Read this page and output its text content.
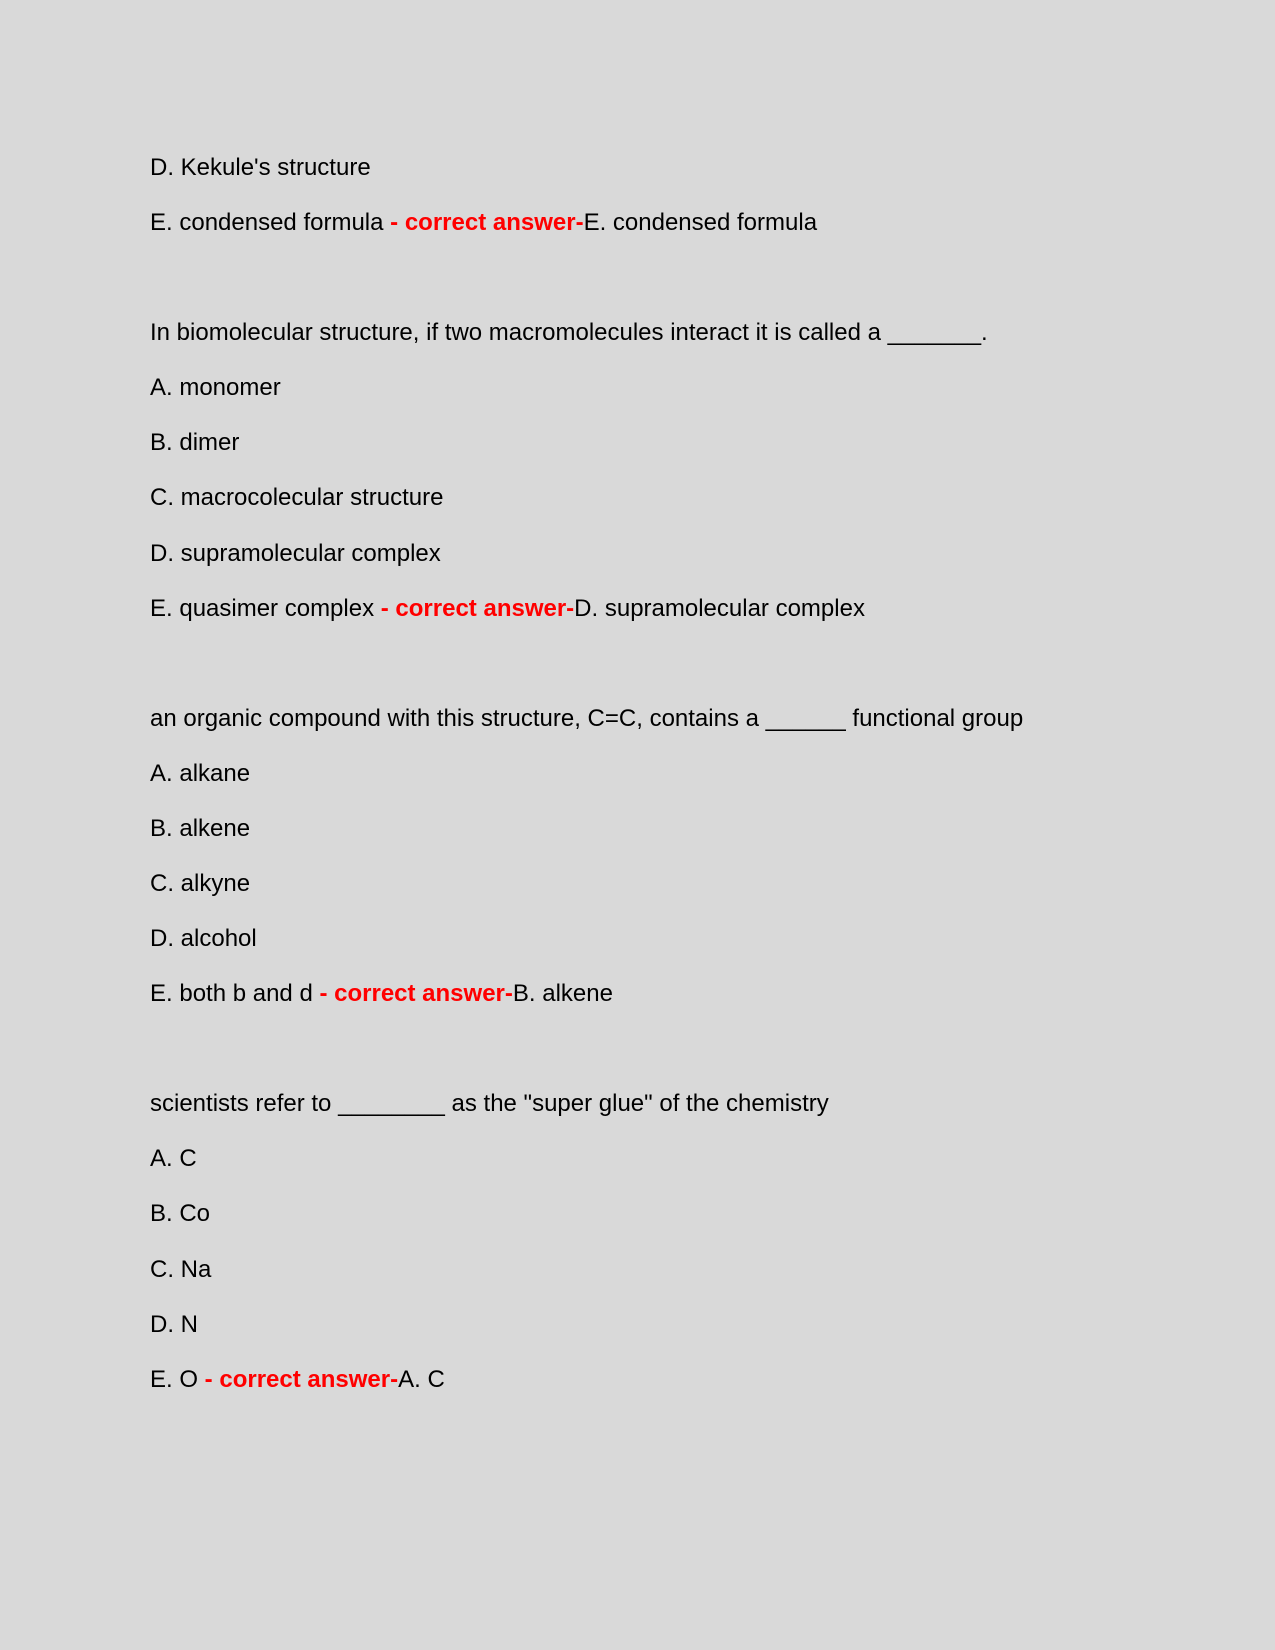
D. Kekule's structure
E. condensed formula - correct answer-E. condensed formula
In biomolecular structure, if two macromolecules interact it is called a _______.
A. monomer
B. dimer
C. macrocolecular structure
D. supramolecular complex
E. quasimer complex - correct answer-D. supramolecular complex
an organic compound with this structure, C=C, contains a ______ functional group
A. alkane
B. alkene
C. alkyne
D. alcohol
E. both b and d - correct answer-B. alkene
scientists refer to ________ as the "super glue" of the chemistry
A. C
B. Co
C. Na
D. N
E. O - correct answer-A. C
